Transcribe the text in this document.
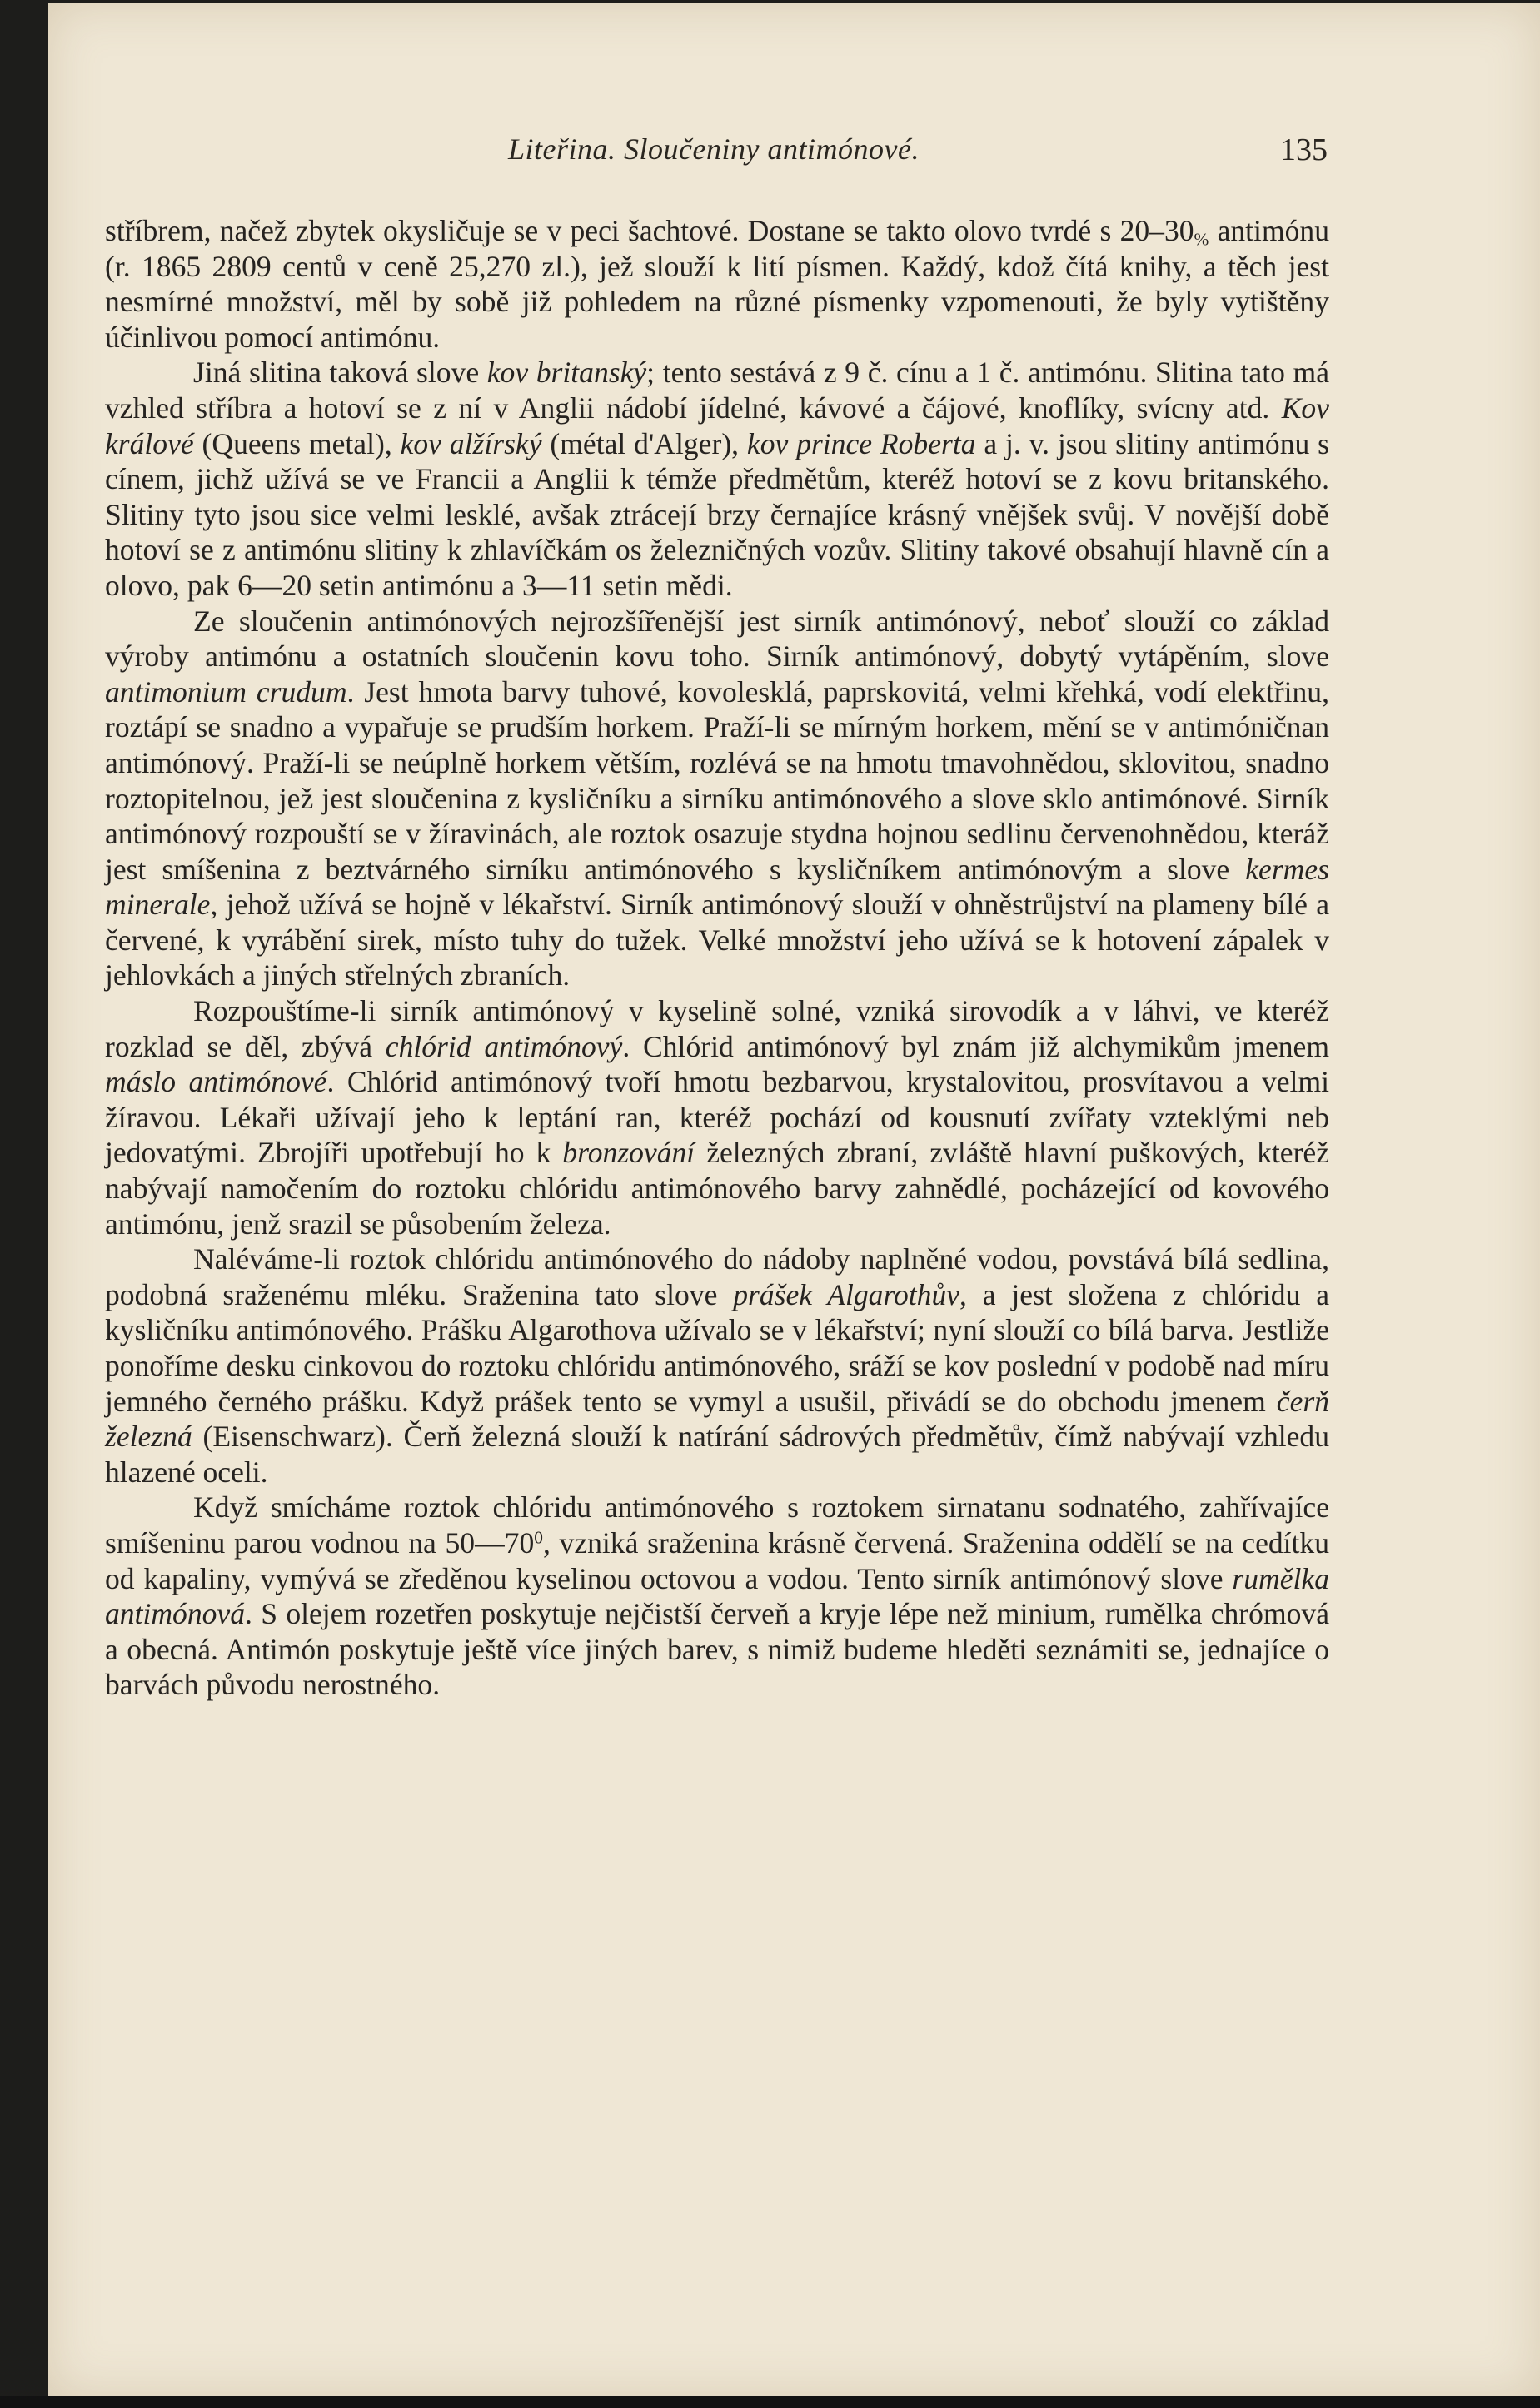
Liteřina. Sloučeniny antimónové.	135

stříbrem, načež zbytek okysličuje se v peci šachtové. Dostane se takto olovo tvrdé s $20-30_{\%}$ antimónu (r. 1865 2809 centů v ceně 25,270 zl.), jež slouží k lití písmen. Každý, kdož čítá knihy, a těch jest nesmírné množství, měl by sobě již pohledem na různé písmenky vzpomenouti, že byly vytištěny účinlivou pomocí antimónu.

Jiná slitina taková slove kov britanský; tento sestává z 9 č. cínu a 1 č. antimónu. Slitina tato má vzhled stříbra a hotoví se z ní v Anglii nádobí jídelné, kávové a čájové, knoflíky, svícny atd. Kov králové (Queens metal), kov alžírský (métal d'Alger), kov prince Roberta a j. v. jsou slitiny antimónu s cínem, jichž užívá se ve Francii a Anglii k témže předmětům, kteréž hotoví se z kovu britanského. Slitiny tyto jsou sice velmi lesklé, avšak ztrácejí brzy černajíce krásný vnějšek svůj. V novější době hotoví se z antimónu slitiny k zhlavíčkám os železničných vozův. Slitiny takové obsahují hlavně cín a olovo, pak 6—20 setin antimónu a 3—11 setin mědi.

Ze sloučenin antimónových nejrozšířenější jest sirník antimónový, neboť slouží co základ výroby antimónu a ostatních sloučenin kovu toho. Sirník antimónový, dobytý vytápěním, slove antimonium crudum. Jest hmota barvy tuhové, kovolesklá, paprskovitá, velmi křehká, vodí elektřinu, roztápí se snadno a vypařuje se prudším horkem. Praží-li se mírným horkem, mění se v antimóničnan antimónový. Praží-li se neúplně horkem větším, rozlévá se na hmotu tmavohnědou, sklovitou, snadno roztopitelnou, jež jest sloučenina z kysličníku a sirníku antimónového a slove sklo antimónové. Sirník antimónový rozpouští se v žíravinách, ale roztok osazuje stydna hojnou sedlinu červenohnědou, kteráž jest smíšenina z beztvárného sirníku antimónového s kysličníkem antimónovým a slove kermes minerale, jehož užívá se hojně v lékařství. Sirník antimónový slouží v ohněstrůjství na plameny bílé a červené, k vyrábění sirek, místo tuhy do tužek. Velké množství jeho užívá se k hotovení zápalek v jehlovkách a jiných střelných zbraních.

Rozpouštíme-li sirník antimónový v kyselině solné, vzniká sirovodík a v láhvi, ve kteréž rozklad se děl, zbývá chlórid antimónový. Chlórid antimónový byl znám již alchymikům jmenem máslo antimónové. Chlórid antimónový tvoří hmotu bezbarvou, krystalovitou, prosvítavou a velmi žíravou. Lékaři užívají jeho k leptání ran, kteréž pochází od kousnutí zvířaty vzteklými neb jedovatými. Zbrojíři upotřebují ho k bronzování železných zbraní, zvláště hlavní puškových, kteréž nabývají namočením do roztoku chlóridu antimónového barvy zahnědlé, pocházející od kovového antimónu, jenž srazil se působením železa.

Naléváme-li roztok chlóridu antimónového do nádoby naplněné vodou, povstává bílá sedlina, podobná sraženému mléku. Sraženina tato slove prášek Algarothův, a jest složena z chlóridu a kysličníku antimónového. Prášku Algarothova užívalo se v lékařství; nyní slouží co bílá barva. Jestliže ponoříme desku cinkovou do roztoku chlóridu antimónového, sráží se kov poslední v podobě nad míru jemného černého prášku. Když prášek tento se vymyl a usušil, přivádí se do obchodu jmenem čerň železná (Eisenschwarz). Čerň železná slouží k natírání sádrových předmětův, čímž nabývají vzhledu hlazené oceli.

Když smícháme roztok chlóridu antimónového s roztokem sirnatanu sodnatého, zahřívajíce smíšeninu parou vodnou na $50—70^0$, vzniká sraženina krásně červená. Sraženina oddělí se na cedítku od kapaliny, vymývá se zředěnou kyselinou octovou a vodou. Tento sirník antimónový slove rumělka antimónová. S olejem rozetřen poskytuje nejčistší červeň a kryje lépe než minium, rumělka chrómová a obecná. Antimón poskytuje ještě více jiných barev, s nimiž budeme hleděti seznámiti se, jednajíce o barvách původu nerostného.
